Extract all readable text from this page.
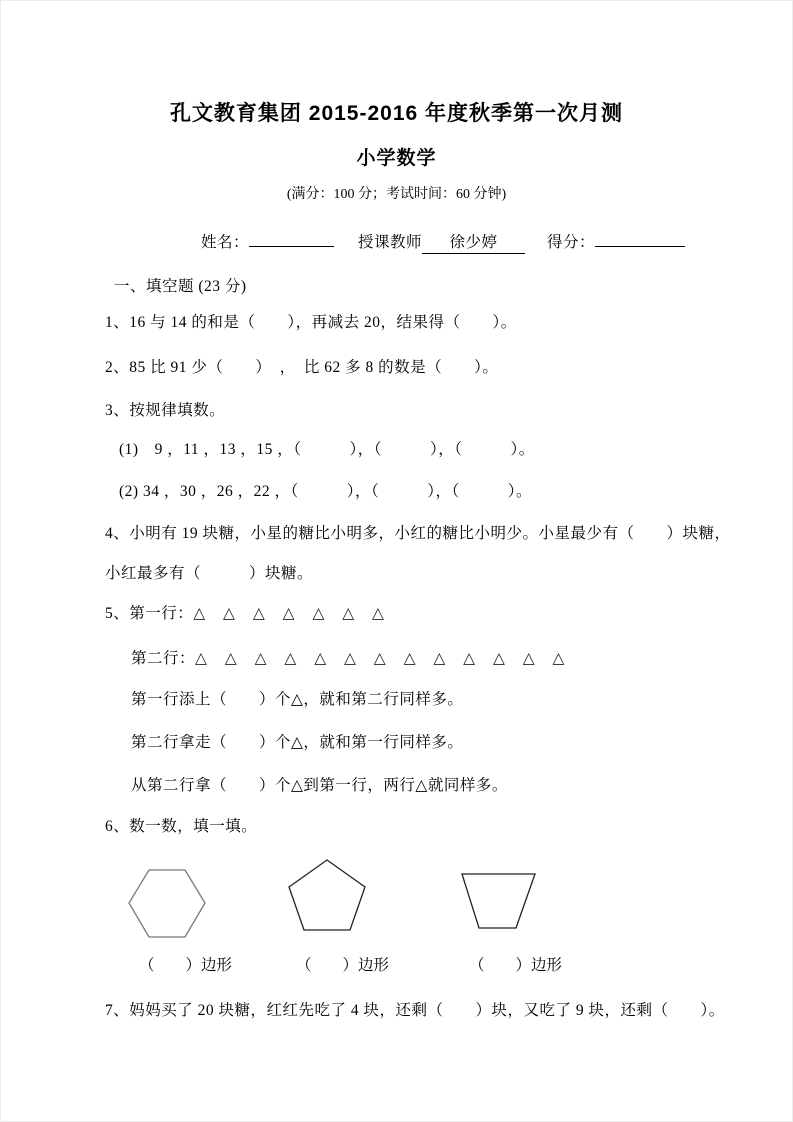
孔文教育集团 2015-2016 年度秋季第一次月测
小学数学
(满分：100 分；考试时间：60 分钟)
姓名：	授课教师 徐少婷	得分：
一、填空题 (23 分)
1、16 与 14 的和是（　　），再减去 20，结果得（　　）。
2、85 比 91 少（　　）　，　比 62 多 8 的数是（　　）。
3、按规律填数。
(1)　9 ，11 ，13 ，15 ，（　　　），（　　　），（　　　）。
(2) 34 ，30 ，26 ，22 ，（　　　），（　　　），（　　　）。
4、小明有 19 块糖，小星的糖比小明多，小红的糖比小明少。小星最少有（　　）块糖，
小红最多有（　　　）块糖。
5、第一行：△ △ △ △ △ △ △
第二行：△ △ △ △ △ △ △ △ △ △ △ △ △
第一行添上（　　）个△，就和第二行同样多。
第二行拿走（　　）个△，就和第一行同样多。
从第二行拿（　　）个△到第一行，两行△就同样多。
6、数一数，填一填。
（　　）边形	（　　）边形	（　　）边形
7、妈妈买了 20 块糖，红红先吃了 4 块，还剩（　　）块，又吃了 9 块，还剩（　　）。
